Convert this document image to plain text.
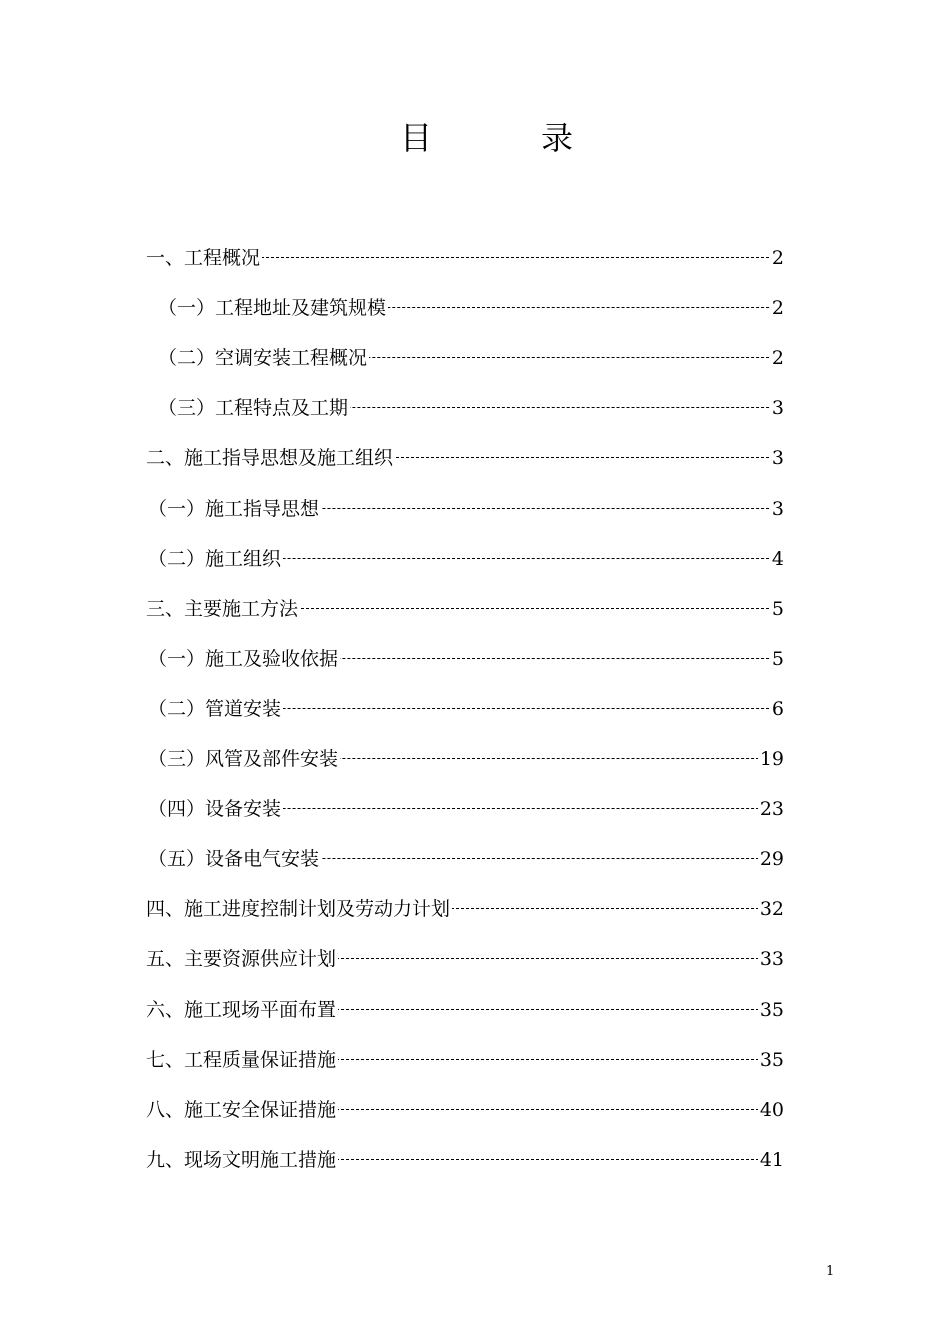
目	录
一、工程概况	2
（一）工程地址及建筑规模	2
（二）空调安装工程概况	2
（三）工程特点及工期	3
二、施工指导思想及施工组织	3
（一）施工指导思想	3
（二）施工组织	4
三、主要施工方法	5
（一）施工及验收依据	5
（二）管道安装	6
（三）风管及部件安装	19
（四）设备安装	23
（五）设备电气安装	29
四、施工进度控制计划及劳动力计划	32
五、主要资源供应计划	33
六、施工现场平面布置	35
七、工程质量保证措施	35
八、施工安全保证措施	40
九、现场文明施工措施	41
1
